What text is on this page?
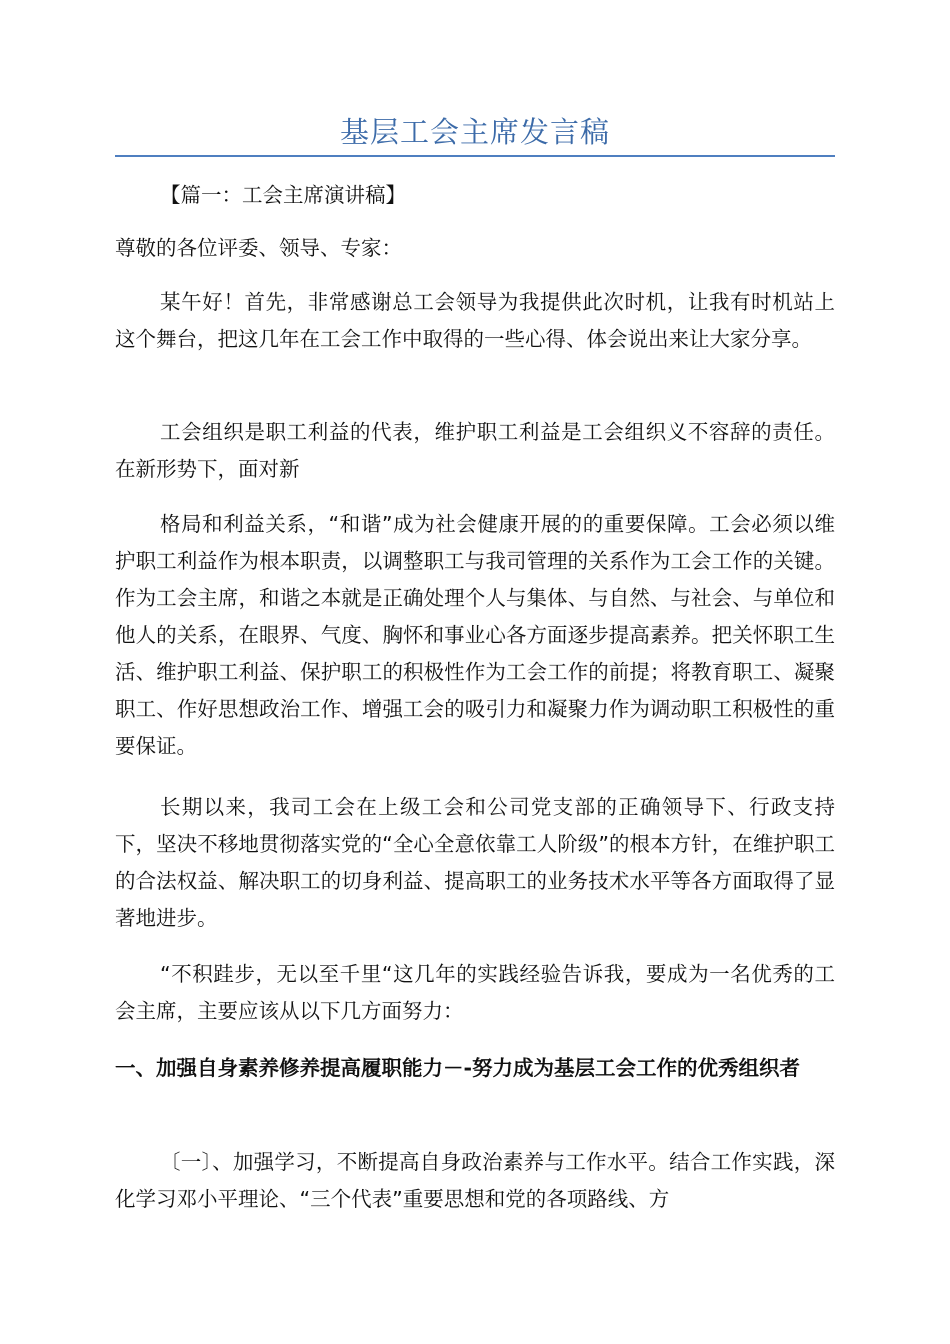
基层工会主席发言稿

【篇一：工会主席演讲稿】

尊敬的各位评委、领导、专家：

某午好！首先，非常感谢总工会领导为我提供此次时机，让我有时机站上这个舞台，把这几年在工会工作中取得的一些心得、体会说出来让大家分享。

工会组织是职工利益的代表，维护职工利益是工会组织义不容辞的责任。在新形势下，面对新

格局和利益关系，“和谐”成为社会健康开展的的重要保障。工会必须以维护职工利益作为根本职责，以调整职工与我司管理的关系作为工会工作的关键。作为工会主席，和谐之本就是正确处理个人与集体、与自然、与社会、与单位和他人的关系，在眼界、气度、胸怀和事业心各方面逐步提高素养。把关怀职工生活、维护职工利益、保护职工的积极性作为工会工作的前提；将教育职工、凝聚职工、作好思想政治工作、增强工会的吸引力和凝聚力作为调动职工积极性的重要保证。

长期以来，我司工会在上级工会和公司党支部的正确领导下、行政支持下，坚决不移地贯彻落实党的“全心全意依靠工人阶级”的根本方针，在维护职工的合法权益、解决职工的切身利益、提高职工的业务技术水平等各方面取得了显著地进步。

“不积跬步，无以至千里“这几年的实践经验告诉我，要成为一名优秀的工会主席，主要应该从以下几方面努力：

一、加强自身素养修养提高履职能力－-努力成为基层工会工作的优秀组织者

〔一〕、加强学习，不断提高自身政治素养与工作水平。结合工作实践，深化学习邓小平理论、“三个代表”重要思想和党的各项路线、方
